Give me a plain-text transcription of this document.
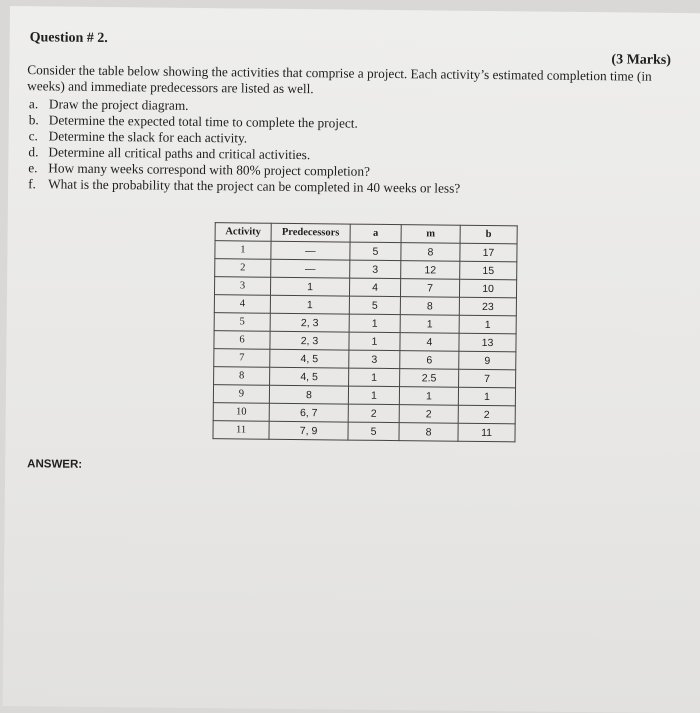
Question # 2.
(3 Marks)
Consider the table below showing the activities that comprise a project. Each activity’s estimated completion time (in weeks) and immediate predecessors are listed as well.
a. Draw the project diagram.
b. Determine the expected total time to complete the project.
c. Determine the slack for each activity.
d. Determine all critical paths and critical activities.
e. How many weeks correspond with 80% project completion?
f. What is the probability that the project can be completed in 40 weeks or less?
Activity	Predecessors	a	m	b
1	—	5	8	17
2	—	3	12	15
3	1	4	7	10
4	1	5	8	23
5	2, 3	1	1	1
6	2, 3	1	4	13
7	4, 5	3	6	9
8	4, 5	1	2.5	7
9	8	1	1	1
10	6, 7	2	2	2
11	7, 9	5	8	11
ANSWER:
